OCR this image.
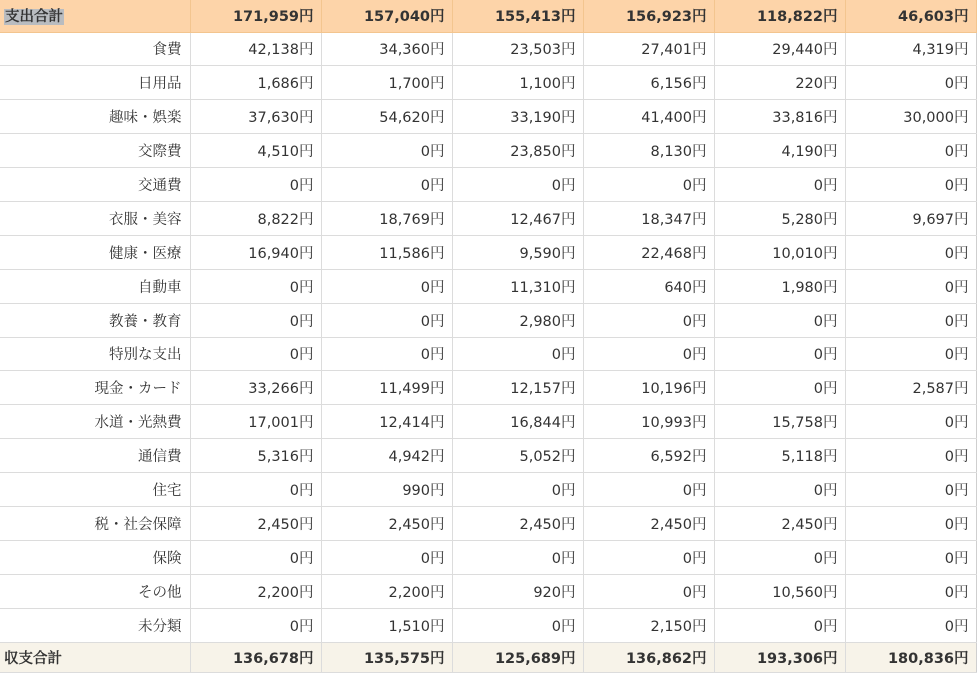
支出合計	171,959円	157,040円	155,413円	156,923円	118,822円	46,603円
食費	42,138円	34,360円	23,503円	27,401円	29,440円	4,319円
日用品	1,686円	1,700円	1,100円	6,156円	220円	0円
趣味・娯楽	37,630円	54,620円	33,190円	41,400円	33,816円	30,000円
交際費	4,510円	0円	23,850円	8,130円	4,190円	0円
交通費	0円	0円	0円	0円	0円	0円
衣服・美容	8,822円	18,769円	12,467円	18,347円	5,280円	9,697円
健康・医療	16,940円	11,586円	9,590円	22,468円	10,010円	0円
自動車	0円	0円	11,310円	640円	1,980円	0円
教養・教育	0円	0円	2,980円	0円	0円	0円
特別な支出	0円	0円	0円	0円	0円	0円
現金・カード	33,266円	11,499円	12,157円	10,196円	0円	2,587円
水道・光熱費	17,001円	12,414円	16,844円	10,993円	15,758円	0円
通信費	5,316円	4,942円	5,052円	6,592円	5,118円	0円
住宅	0円	990円	0円	0円	0円	0円
税・社会保障	2,450円	2,450円	2,450円	2,450円	2,450円	0円
保険	0円	0円	0円	0円	0円	0円
その他	2,200円	2,200円	920円	0円	10,560円	0円
未分類	0円	1,510円	0円	2,150円	0円	0円
収支合計	136,678円	135,575円	125,689円	136,862円	193,306円	180,836円
